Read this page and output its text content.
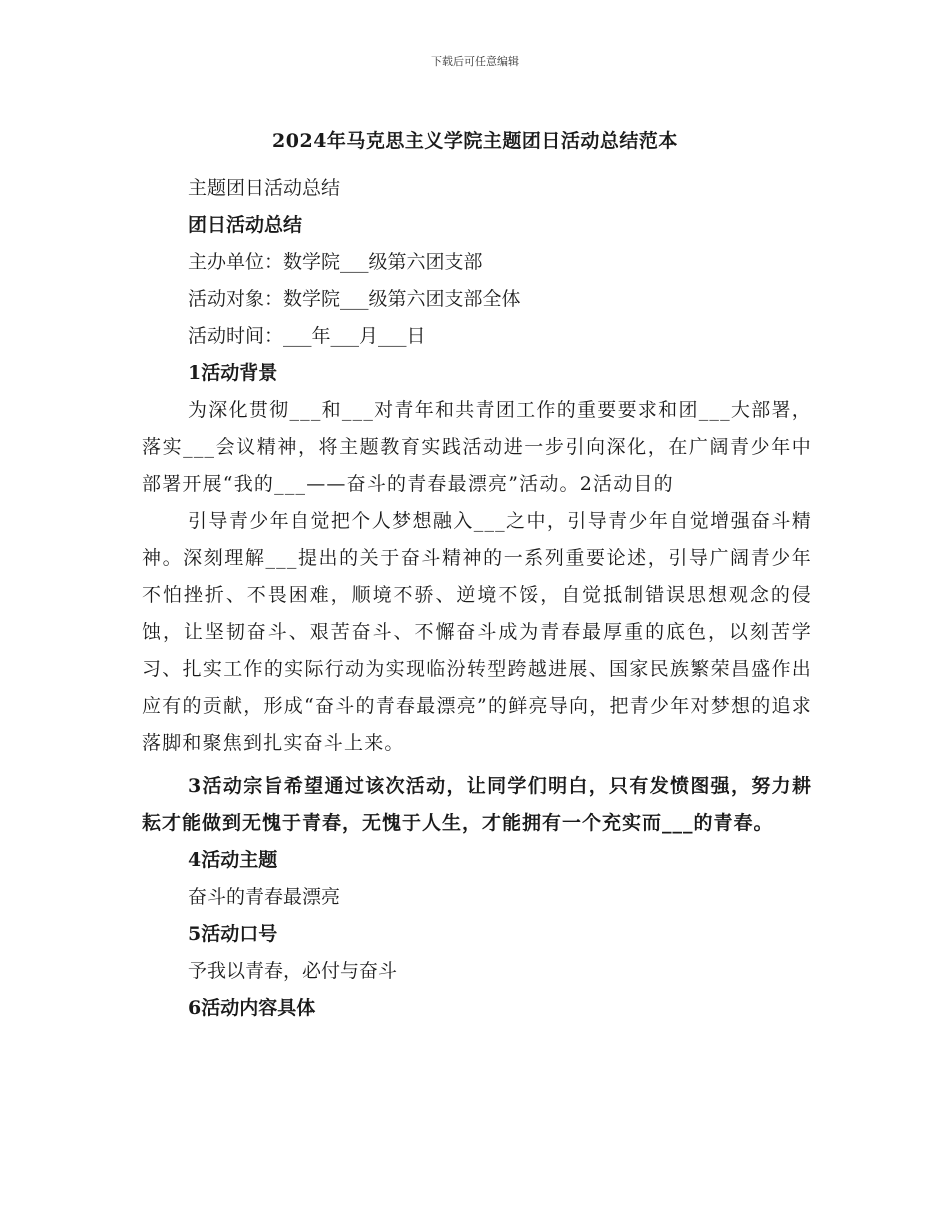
下载后可任意编辑
2024年马克思主义学院主题团日活动总结范本
主题团日活动总结
团日活动总结
主办单位：数学院___级第六团支部
活动对象：数学院___级第六团支部全体
活动时间：___年___月___日
1活动背景

为深化贯彻___和___对青年和共青团工作的重要要求和团___大部署，落实___会议精神，将主题教育实践活动进一步引向深化，在广阔青少年中部署开展“我的___——奋斗的青春最漂亮”活动。2活动目的

引导青少年自觉把个人梦想融入___之中，引导青少年自觉增强奋斗精神。深刻理解___提出的关于奋斗精神的一系列重要论述，引导广阔青少年不怕挫折、不畏困难，顺境不骄、逆境不馁，自觉抵制错误思想观念的侵蚀，让坚韧奋斗、艰苦奋斗、不懈奋斗成为青春最厚重的底色，以刻苦学习、扎实工作的实际行动为实现临汾转型跨越进展、国家民族繁荣昌盛作出应有的贡献，形成“奋斗的青春最漂亮”的鲜亮导向，把青少年对梦想的追求落脚和聚焦到扎实奋斗上来。

3活动宗旨希望通过该次活动，让同学们明白，只有发愤图强，努力耕耘才能做到无愧于青春，无愧于人生，才能拥有一个充实而___的青春。

4活动主题
奋斗的青春最漂亮
5活动口号
予我以青春，必付与奋斗
6活动内容具体
